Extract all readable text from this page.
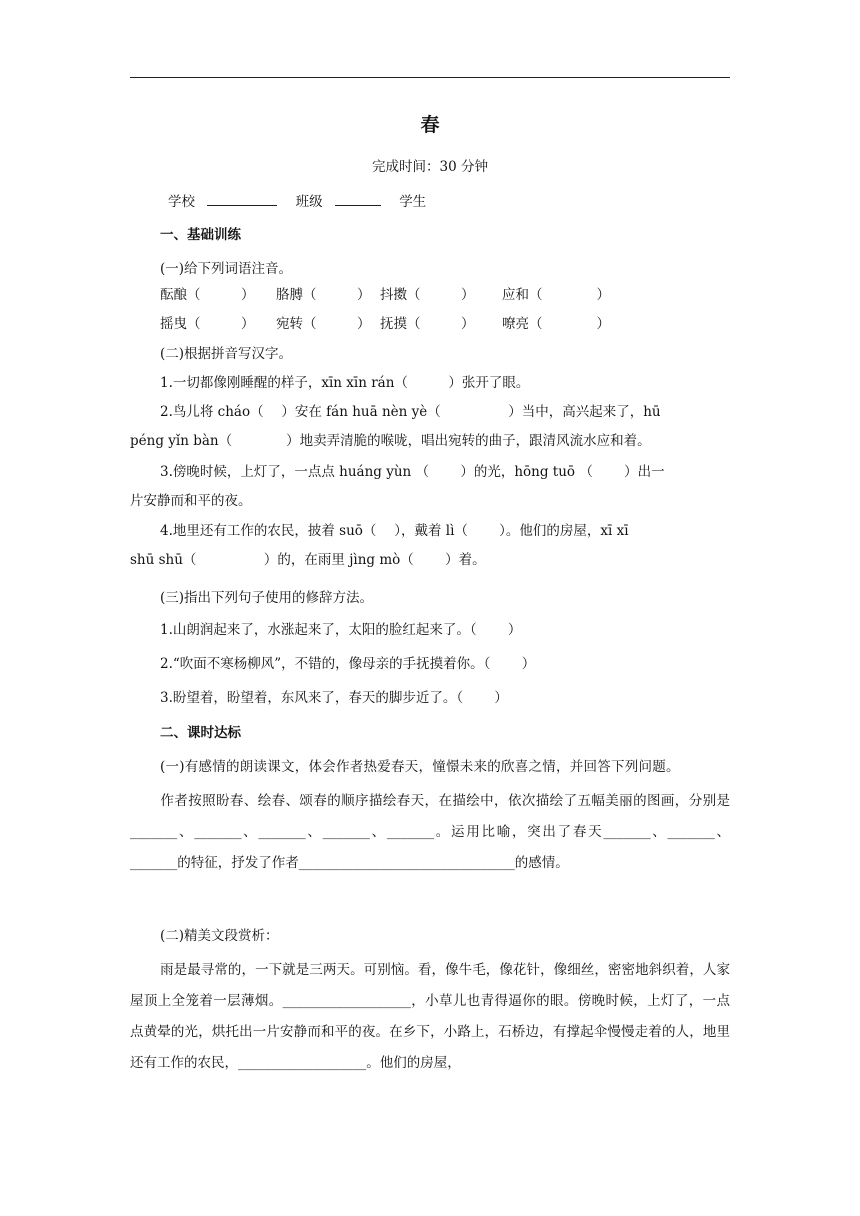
春
完成时间：30 分钟
学校	班级	学生
一、基础训练
(一)给下列词语注音。
酝酿（　　　） 胳膊（　　　） 抖擞（　　　） 应和（　　　　）
摇曳（　　　） 宛转（　　　） 抚摸（　　　） 嘹亮（　　　　）
(二)根据拼音写汉字。
1.一切都像刚睡醒的样子，xīn xīn rán（　　　）张开了眼。
2.鸟儿将 cháo（　 ）安在 fán huā nèn yè（　　　　　）当中，高兴起来了，hū
péng yǐn bàn（　　　　）地卖弄清脆的喉咙，唱出宛转的曲子，跟清风流水应和着。
3.傍晚时候，上灯了，一点点 huáng yùn （　　 ）的光，hōng tuō （　　 ）出一
片安静而和平的夜。
4.地里还有工作的农民，披着 suō（　 ），戴着 lì（　　 ）。他们的房屋，xī xī
shū shū（　　　　　）的，在雨里 jìng mò（　　 ）着。
(三)指出下列句子使用的修辞方法。
1.山朗润起来了，水涨起来了，太阳的脸红起来了。（　　 ）
2.“吹面不寒杨柳风”，不错的，像母亲的手抚摸着你。（　　 ）
3.盼望着，盼望着，东风来了，春天的脚步近了。（　　 ）
二、课时达标
(一)有感情的朗读课文，体会作者热爱春天，憧憬未来的欣喜之情，并回答下列问题。
作者按照盼春、绘春、颂春的顺序描绘春天，在描绘中，依次描绘了五幅美丽的图画，分别是_______、_______、_______、_______、_______。运用比喻，突出了春天_______、_______、_______的特征，抒发了作者________________________________的感情。
(二)精美文段赏析：
雨是最寻常的，一下就是三两天。可别恼。看，像牛毛，像花针，像细丝，密密地斜织着，人家屋顶上全笼着一层薄烟。___________________，小草儿也青得逼你的眼。傍晚时候，上灯了，一点点黄晕的光，烘托出一片安静而和平的夜。在乡下，小路上，石桥边，有撑起伞慢慢走着的人，地里还有工作的农民，___________________。他们的房屋，
